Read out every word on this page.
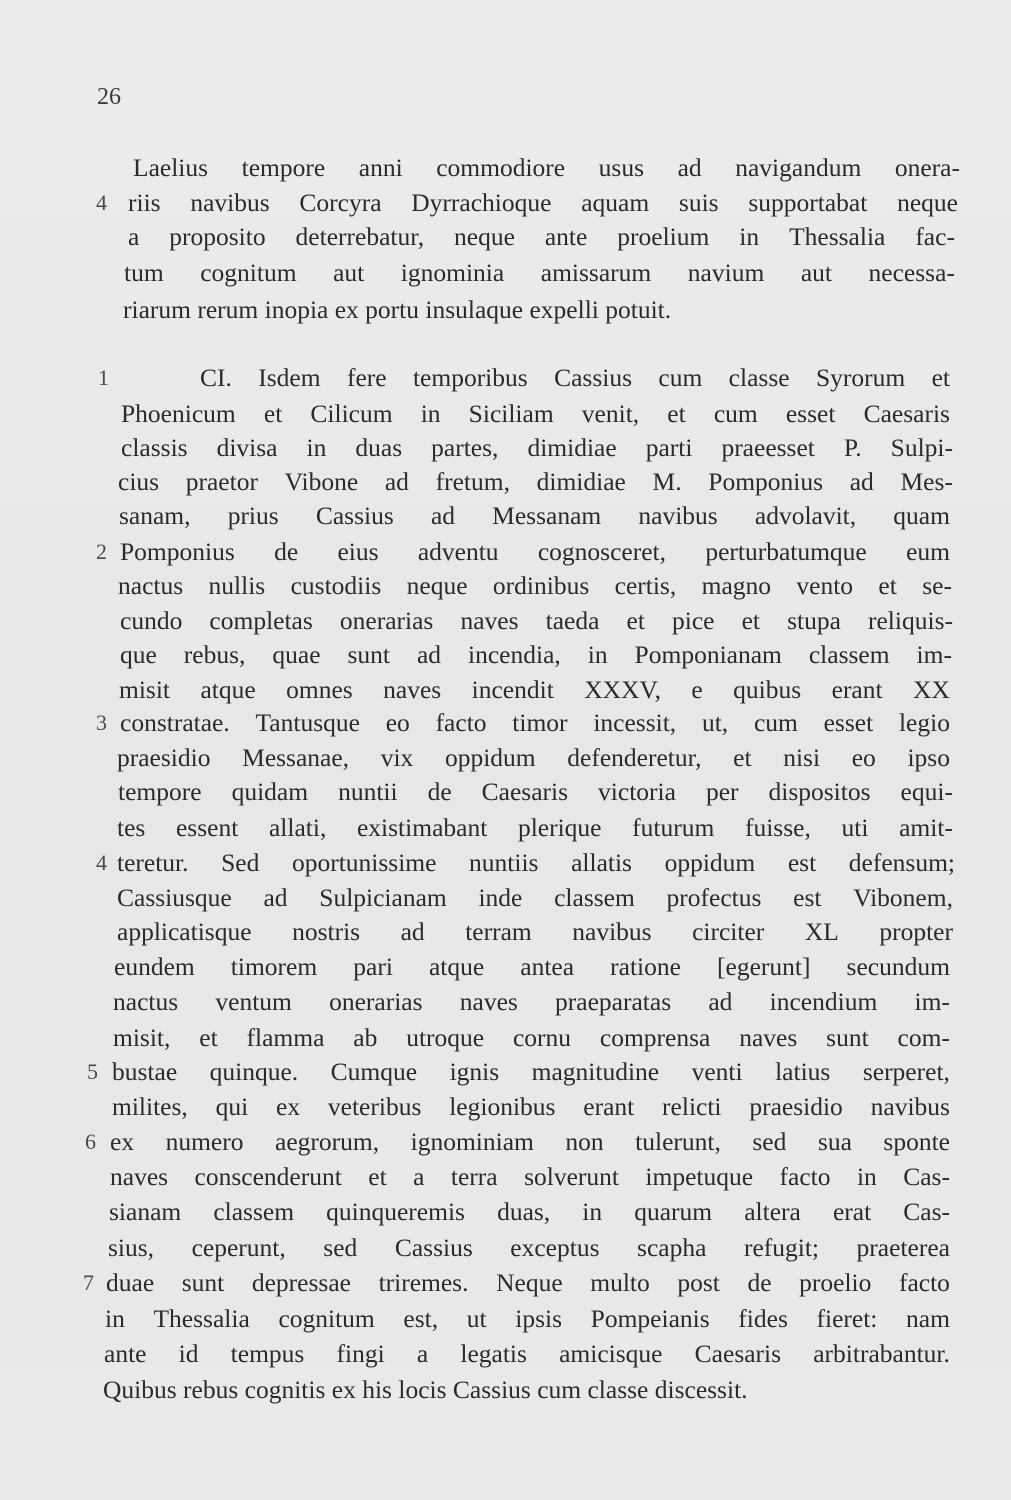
26
Laelius tempore anni commodiore usus ad navigandum onera-
4 riis navibus Corcyra Dyrrachioque aquam suis supportabat neque
a proposito deterrebatur, neque ante proelium in Thessalia fac-
tum cognitum aut ignominia amissarum navium aut necessa-
riarum rerum inopia ex portu insulaque expelli potuit.
1	CI. Isdem fere temporibus Cassius cum classe Syrorum et
Phoenicum et Cilicum in Siciliam venit, et cum esset Caesaris
classis divisa in duas partes, dimidiae parti praeesset P. Sulpi-
cius praetor Vibone ad fretum, dimidiae M. Pomponius ad Mes-
sanam, prius Cassius ad Messanam navibus advolavit, quam
2 Pomponius de eius adventu cognosceret, perturbatumque eum
nactus nullis custodiis neque ordinibus certis, magno vento et se-
cundo completas onerarias naves taeda et pice et stupa reliquis-
que rebus, quae sunt ad incendia, in Pomponianam classem im-
misit atque omnes naves incendit XXXV, e quibus erant XX
3 constratae. Tantusque eo facto timor incessit, ut, cum esset legio
praesidio Messanae, vix oppidum defenderetur, et nisi eo ipso
tempore quidam nuntii de Caesaris victoria per dispositos equi-
tes essent allati, existimabant plerique futurum fuisse, uti amit-
4 teretur. Sed oportunissime nuntiis allatis oppidum est defensum;
Cassiusque ad Sulpicianam inde classem profectus est Vibonem,
applicatisque nostris ad terram navibus circiter XL propter
eundem timorem pari atque antea ratione [egerunt] secundum
nactus ventum onerarias naves praeparatas ad incendium im-
misit, et flamma ab utroque cornu comprensa naves sunt com-
5 bustae quinque. Cumque ignis magnitudine venti latius serperet,
milites, qui ex veteribus legionibus erant relicti praesidio navibus
6 ex numero aegrorum, ignominiam non tulerunt, sed sua sponte
naves conscenderunt et a terra solverunt impetuque facto in Cas-
sianam classem quinqueremis duas, in quarum altera erat Cas-
sius, ceperunt, sed Cassius exceptus scapha refugit; praeterea
7 duae sunt depressae triremes. Neque multo post de proelio facto
in Thessalia cognitum est, ut ipsis Pompeianis fides fieret: nam
ante id tempus fingi a legatis amicisque Caesaris arbitrabantur.
Quibus rebus cognitis ex his locis Cassius cum classe discessit.
